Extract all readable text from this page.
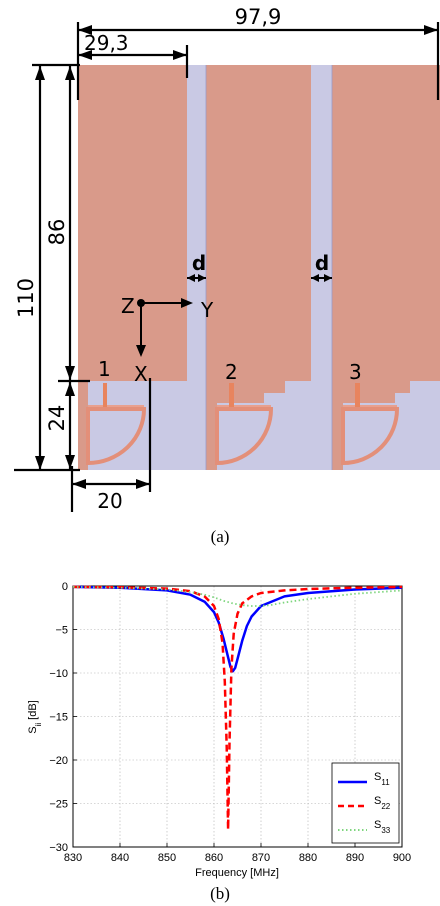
97,9
29,3
110
86
24
20
d	d
Z	Y
X
1	2	3
(a)
830	840	850	860	870	880	890	900
0
−5
−10
−15
−20
−25
−30
Frequency [MHz]
$S_{ii}[dB]$
$S_{11}$
$S_{22}$
$S_{33}$
(b)
